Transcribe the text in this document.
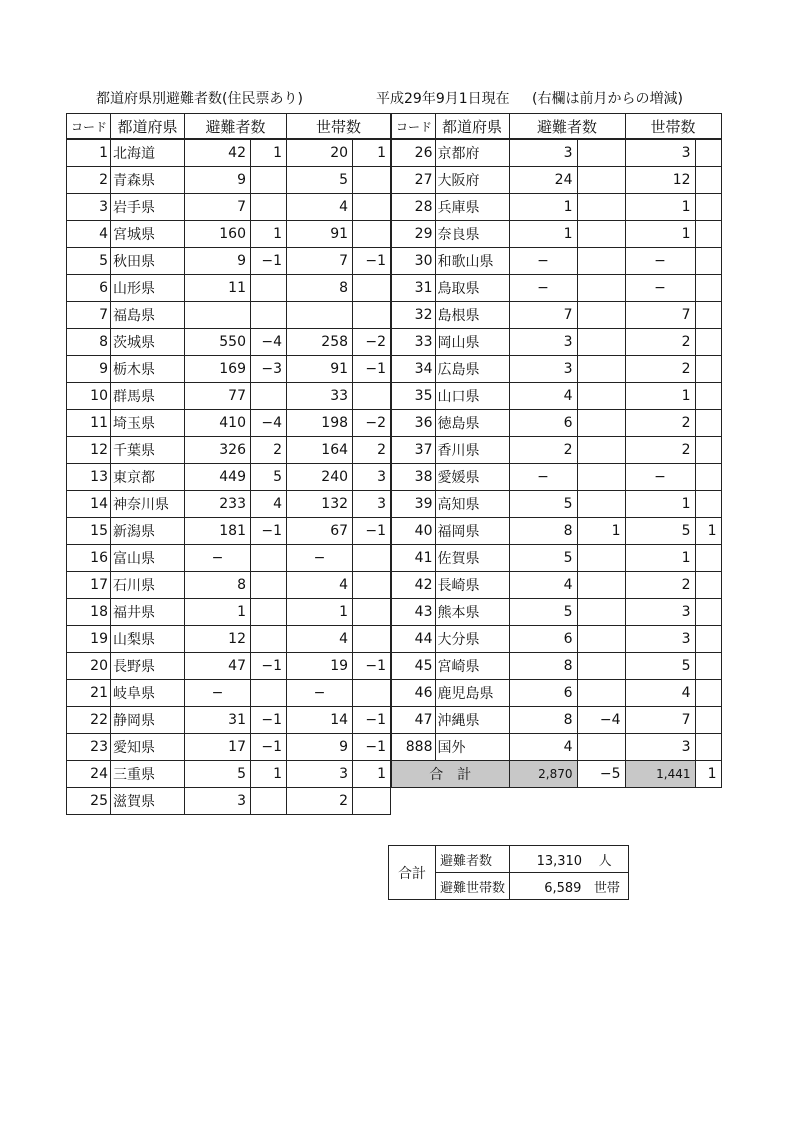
都道府県別避難者数(住民票あり)	平成29年9月1日現在 (右欄は前月からの増減)
コード	都道府県	避難者数		世帯数	
1	北海道	42	1	20	1
2	青森県	9		5	
3	岩手県	7		4	
4	宮城県	160	1	91	
5	秋田県	9	−1	7	−1
6	山形県	11		8	
7	福島県				
8	茨城県	550	−4	258	−2
9	栃木県	169	−3	91	−1
10	群馬県	77		33	
11	埼玉県	410	−4	198	−2
12	千葉県	326	2	164	2
13	東京都	449	5	240	3
14	神奈川県	233	4	132	3
15	新潟県	181	−1	67	−1
16	富山県	−		−	
17	石川県	8		4	
18	福井県	1		1	
19	山梨県	12		4	
20	長野県	47	−1	19	−1
21	岐阜県	−		−	
22	静岡県	31	−1	14	−1
23	愛知県	17	−1	9	−1
24	三重県	5	1	3	1
25	滋賀県	3		2	
コード	都道府県	避難者数		世帯数	
26	京都府	3		3	
27	大阪府	24		12	
28	兵庫県	1		1	
29	奈良県	1		1	
30	和歌山県	−		−	
31	鳥取県	−		−	
32	島根県	7		7	
33	岡山県	3		2	
34	広島県	3		2	
35	山口県	4		1	
36	徳島県	6		2	
37	香川県	2		2	
38	愛媛県	−		−	
39	高知県	5		1	
40	福岡県	8	1	5	1
41	佐賀県	5		1	
42	長崎県	4		2	
43	熊本県	5		3	
44	大分県	6		3	
45	宮崎県	8		5	
46	鹿児島県	6		4	
47	沖縄県	8	−4	7	
888	国外	4		3	
合　計		2,870	−5	1,441	1
合計	避難者数	13,310 人
	避難世帯数	6,589 世帯
